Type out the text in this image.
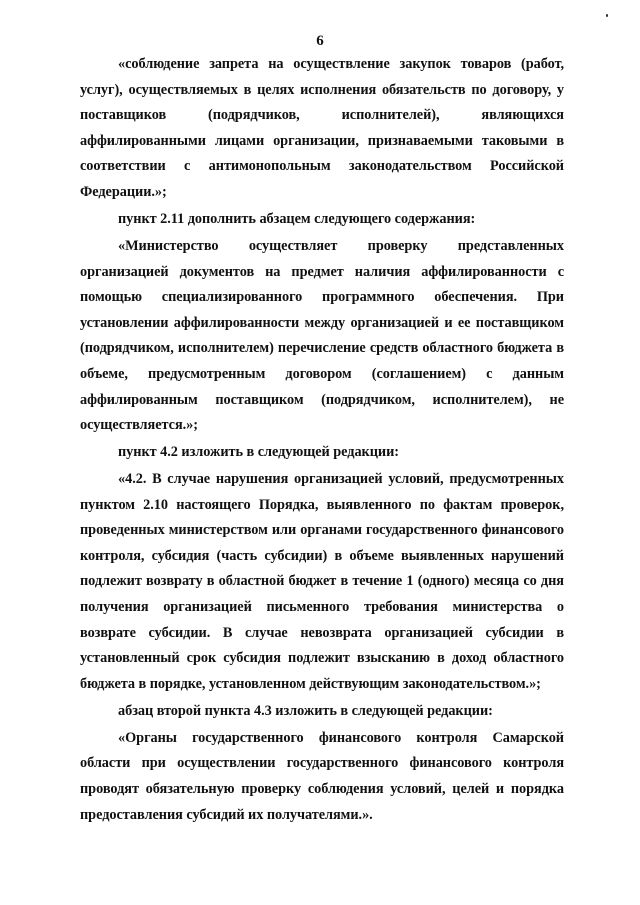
6

«соблюдение запрета на осуществление закупок товаров (работ, услуг), осуществляемых в целях исполнения обязательств по договору, у поставщиков (подрядчиков, исполнителей), являющихся аффилированными лицами организации, признаваемыми таковыми в соответствии с антимонопольным законодательством Российской Федерации.»;

пункт 2.11 дополнить абзацем следующего содержания:

«Министерство осуществляет проверку представленных организацией документов на предмет наличия аффилированности с помощью специализированного программного обеспечения. При установлении аффилированности между организацией и ее поставщиком (подрядчиком, исполнителем) перечисление средств областного бюджета в объеме, предусмотренным договором (соглашением) с данным аффилированным поставщиком (подрядчиком, исполнителем), не осуществляется.»;

пункт 4.2 изложить в следующей редакции:

«4.2. В случае нарушения организацией условий, предусмотренных пунктом 2.10 настоящего Порядка, выявленного по фактам проверок, проведенных министерством или органами государственного финансового контроля, субсидия (часть субсидии) в объеме выявленных нарушений подлежит возврату в областной бюджет в течение 1 (одного) месяца со дня получения организацией письменного требования министерства о возврате субсидии. В случае невозврата организацией субсидии в установленный срок субсидия подлежит взысканию в доход областного бюджета в порядке, установленном действующим законодательством.»;

абзац второй пункта 4.3 изложить в следующей редакции:

«Органы государственного финансового контроля Самарской области при осуществлении государственного финансового контроля проводят обязательную проверку соблюдения условий, целей и порядка предоставления субсидий их получателями.».
